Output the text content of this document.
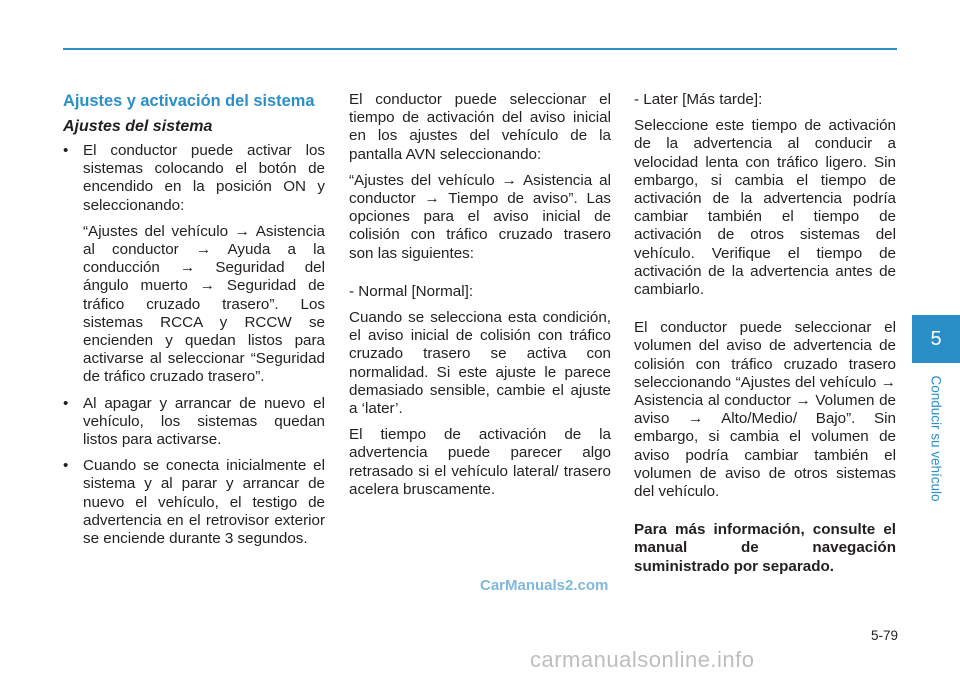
Ajustes y activación del sistema
Ajustes del sistema

• El conductor puede activar los sistemas colocando el botón de encendido en la posición ON y seleccionando:

“Ajustes del vehículo → Asistencia al conductor → Ayuda a la conducción → Seguridad del ángulo muerto → Seguridad de tráfico cruzado trasero”. Los sistemas RCCA y RCCW se encienden y quedan listos para activarse al seleccionar “Seguridad de tráfico cruzado trasero”.

• Al apagar y arrancar de nuevo el vehículo, los sistemas quedan listos para activarse.

• Cuando se conecta inicialmente el sistema y al parar y arrancar de nuevo el vehículo, el testigo de advertencia en el retrovisor exterior se enciende durante 3 segundos.

El conductor puede seleccionar el tiempo de activación del aviso inicial en los ajustes del vehículo de la pantalla AVN seleccionando:

“Ajustes del vehículo → Asistencia al conductor → Tiempo de aviso”. Las opciones para el aviso inicial de colisión con tráfico cruzado trasero son las siguientes:

- Normal [Normal]:

Cuando se selecciona esta condición, el aviso inicial de colisión con tráfico cruzado trasero se activa con normalidad. Si este ajuste le parece demasiado sensible, cambie el ajuste a ‘later’.

El tiempo de activación de la advertencia puede parecer algo retrasado si el vehículo lateral/ trasero acelera bruscamente.

- Later [Más tarde]:

Seleccione este tiempo de activación de la advertencia al conducir a velocidad lenta con tráfico ligero. Sin embargo, si cambia el tiempo de activación de la advertencia podría cambiar también el tiempo de activación de otros sistemas del vehículo. Verifique el tiempo de activación de la advertencia antes de cambiarlo.

El conductor puede seleccionar el volumen del aviso de advertencia de colisión con tráfico cruzado trasero seleccionando “Ajustes del vehículo → Asistencia al conductor → Volumen de aviso → Alto/Medio/ Bajo”. Sin embargo, si cambia el volumen de aviso podría cambiar también el volumen de aviso de otros sistemas del vehículo.

Para más información, consulte el manual de navegación suministrado por separado.

5
Conducir su vehículo
CarManuals2.com
5-79
carmanualsonline.info
